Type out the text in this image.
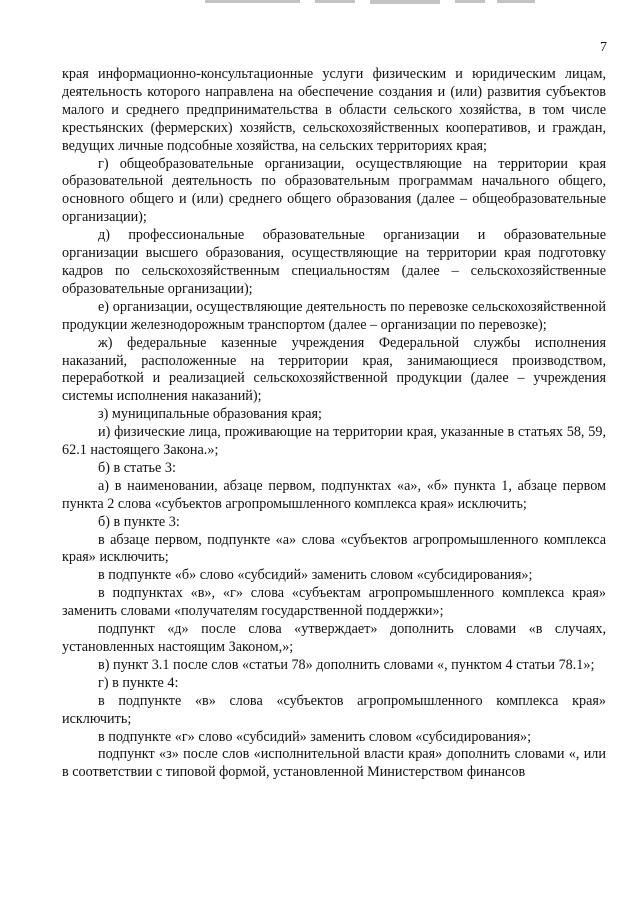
7

края информационно-консультационные услуги физическим и юридическим лицам, деятельность которого направлена на обеспечение создания и (или) развития субъектов малого и среднего предпринимательства в области сельского хозяйства, в том числе крестьянских (фермерских) хозяйств, сельскохозяйственных кооперативов, и граждан, ведущих личные подсобные хозяйства, на сельских территориях края;

г) общеобразовательные организации, осуществляющие на территории края образовательной деятельность по образовательным программам начального общего, основного общего и (или) среднего общего образования (далее – общеобразовательные организации);

д) профессиональные образовательные организации и образовательные организации высшего образования, осуществляющие на территории края подготовку кадров по сельскохозяйственным специальностям (далее – сельскохозяйственные образовательные организации);

е) организации, осуществляющие деятельность по перевозке сельскохозяйственной продукции железнодорожным транспортом (далее – организации по перевозке);

ж) федеральные казенные учреждения Федеральной службы исполнения наказаний, расположенные на территории края, занимающиеся производством, переработкой и реализацией сельскохозяйственной продукции (далее – учреждения системы исполнения наказаний);

з) муниципальные образования края;

и) физические лица, проживающие на территории края, указанные в статьях 58, 59, 62.1 настоящего Закона.»;

б) в статье 3:

а) в наименовании, абзаце первом, подпунктах «а», «б» пункта 1, абзаце первом пункта 2 слова «субъектов агропромышленного комплекса края» исключить;

б) в пункте 3:

в абзаце первом, подпункте «а» слова «субъектов агропромышленного комплекса края» исключить;

в подпункте «б» слово «субсидий» заменить словом «субсидирования»;

в подпунктах «в», «г» слова «субъектам агропромышленного комплекса края» заменить словами «получателям государственной поддержки»;

подпункт «д» после слова «утверждает» дополнить словами «в случаях, установленных настоящим Законом,»;

в) пункт 3.1 после слов «статьи 78» дополнить словами «, пунктом 4 статьи 78.1»;

г) в пункте 4:

в подпункте «в» слова «субъектов агропромышленного комплекса края» исключить;

в подпункте «г» слово «субсидий» заменить словом «субсидирования»;

подпункт «з» после слов «исполнительной власти края» дополнить словами «, или в соответствии с типовой формой, установленной Министерством финансов
